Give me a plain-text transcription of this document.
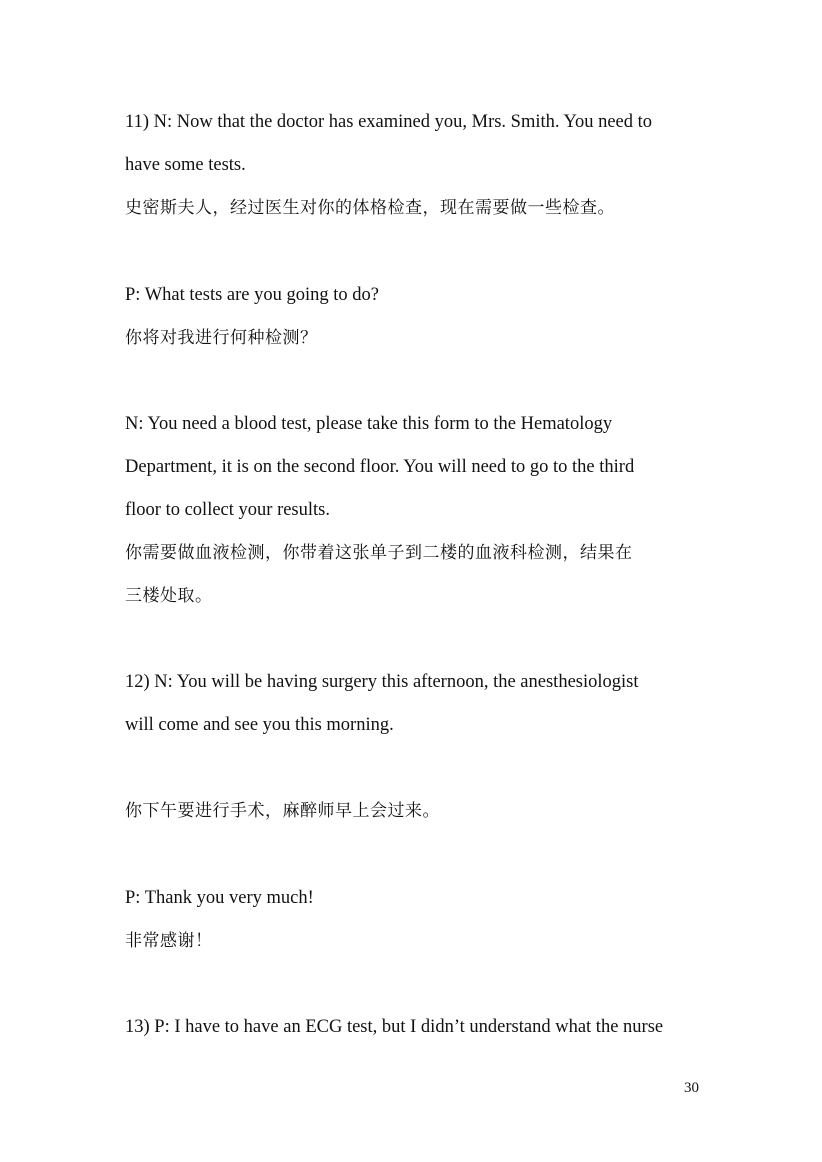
11) N: Now that the doctor has examined you, Mrs. Smith. You need to
have some tests.
史密斯夫人，经过医生对你的体格检查，现在需要做一些检查。
P: What tests are you going to do?
你将对我进行何种检测？
N: You need a blood test, please take this form to the Hematology
Department, it is on the second floor. You will need to go to the third
floor to collect your results.
你需要做血液检测，你带着这张单子到二楼的血液科检测，结果在
三楼处取。
12) N: You will be having surgery this afternoon, the anesthesiologist
will come and see you this morning.
你下午要进行手术，麻醉师早上会过来。
P: Thank you very much!
非常感谢！
13) P: I have to have an ECG test, but I didn’t understand what the nurse
30
